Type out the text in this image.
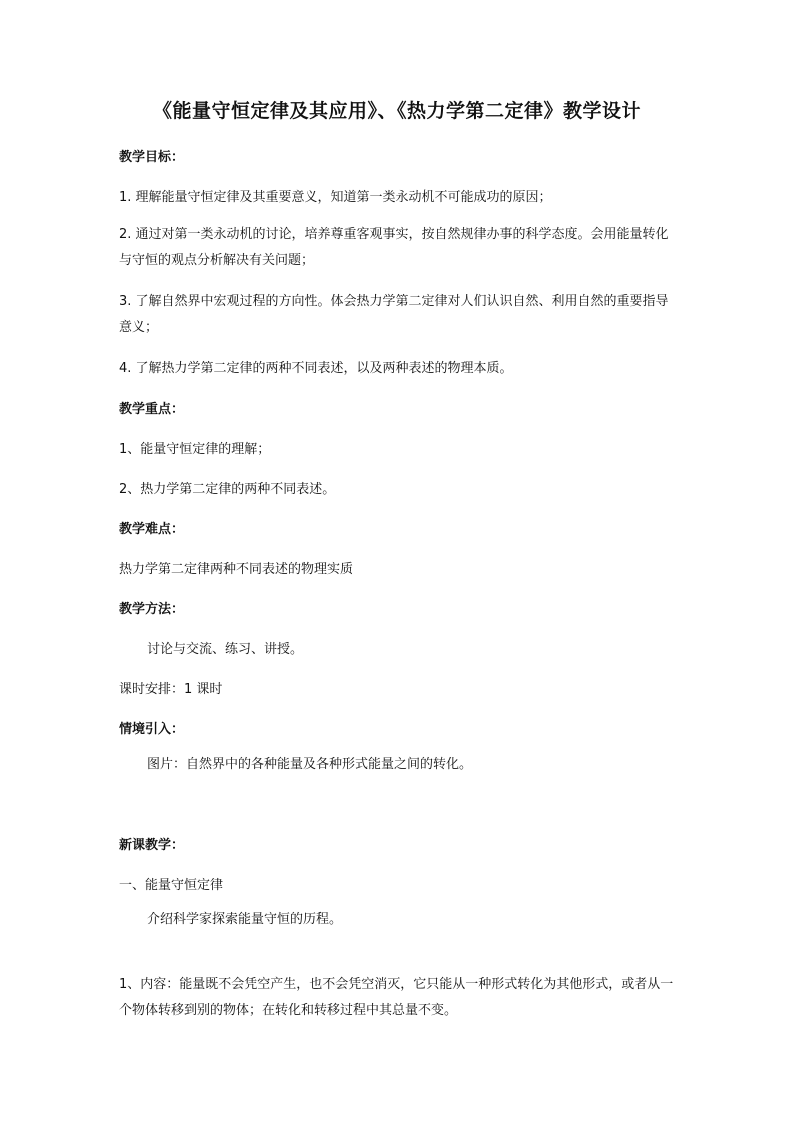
《能量守恒定律及其应用》、《热力学第二定律》教学设计

教学目标：

1. 理解能量守恒定律及其重要意义，知道第一类永动机不可能成功的原因；

2. 通过对第一类永动机的讨论，培养尊重客观事实，按自然规律办事的科学态度。会用能量转化与守恒的观点分析解决有关问题；

3. 了解自然界中宏观过程的方向性。体会热力学第二定律对人们认识自然、利用自然的重要指导意义；

4. 了解热力学第二定律的两种不同表述，以及两种表述的物理本质。

教学重点：

1、能量守恒定律的理解；

2、热力学第二定律的两种不同表述。

教学难点：

热力学第二定律两种不同表述的物理实质

教学方法：

讨论与交流、练习、讲授。

课时安排：1 课时

情境引入：

图片：自然界中的各种能量及各种形式能量之间的转化。

新课教学：

一、能量守恒定律

介绍科学家探索能量守恒的历程。

1、内容：能量既不会凭空产生，也不会凭空消灭，它只能从一种形式转化为其他形式，或者从一个物体转移到别的物体；在转化和转移过程中其总量不变。
